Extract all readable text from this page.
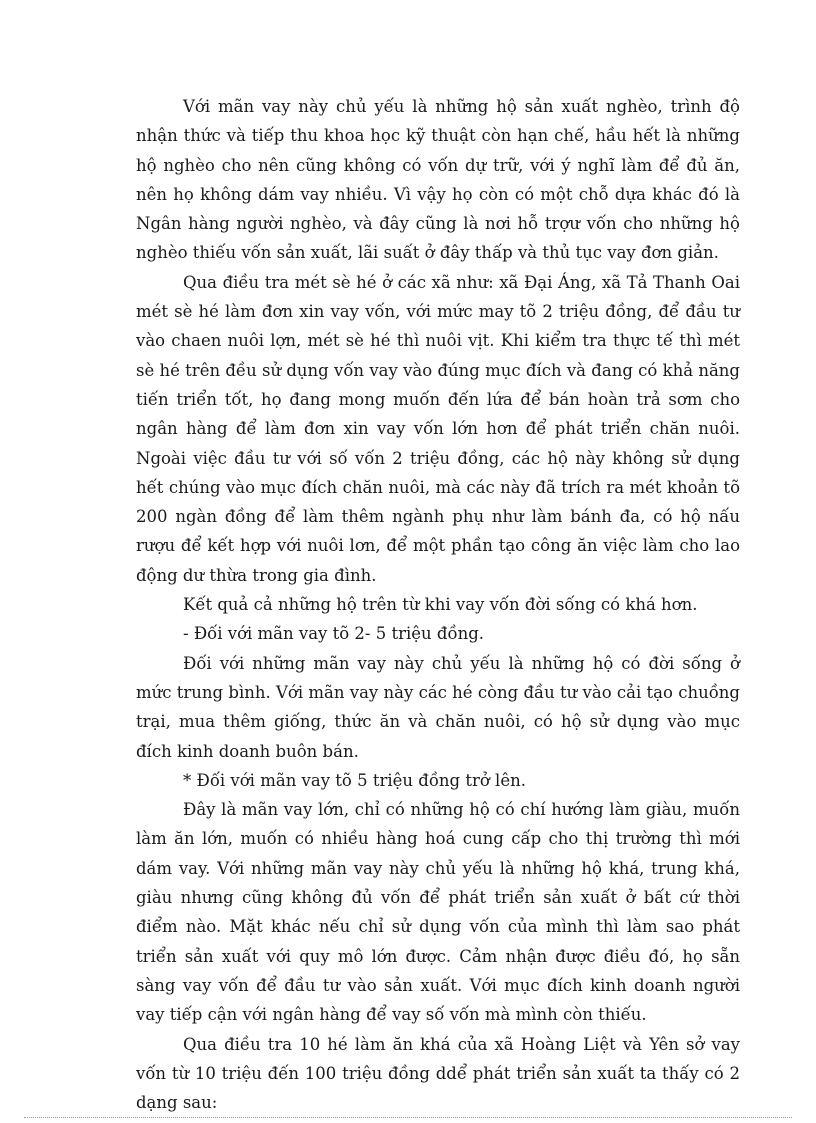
Với mãn vay này chủ yếu là những hộ sản xuất nghèo, trình độ nhận thức và tiếp thu khoa học kỹ thuật còn hạn chế, hầu hết là những hộ nghèo cho nên cũng không có vốn dự trữ, với ý nghĩ làm để đủ ăn, nên họ không dám vay nhiều. Vì vậy họ còn có một chỗ dựa khác đó là Ngân hàng người nghèo, và đây cũng là nơi hỗ trợư vốn cho những hộ nghèo thiếu vốn sản xuất, lãi suất ở đây thấp và thủ tục vay đơn giản.

Qua điều tra mét sè hé ở các xã như: xã Đại Áng, xã Tả Thanh Oai mét sè hé làm đơn xin vay vốn, với mức may tõ 2 triệu đồng, để đầu tư vào chaen nuôi lợn, mét sè hé thì nuôi vịt. Khi kiểm tra thực tế thì mét sè hé trên đều sử dụng vốn vay vào đúng mục đích và đang có khả năng tiến triển tốt, họ đang mong muốn đến lứa để bán hoàn trả sơm cho ngân hàng để làm đơn xin vay vốn lớn hơn để phát triển chăn nuôi. Ngoài việc đầu tư với số vốn 2 triệu đồng, các hộ này không sử dụng hết chúng vào mục đích chăn nuôi, mà các này đã trích ra mét khoản tõ 200 ngàn đồng để làm thêm ngành phụ như làm bánh đa, có hộ nấu rượu để kết hợp với nuôi lơn, để một phần tạo công ăn việc làm cho lao động dư thừa trong gia đình.

Kết quả cả những hộ trên từ khi vay vốn đời sống có khá hơn.

- Đối với mãn vay tõ 2- 5 triệu đồng.

Đối với những mãn vay này chủ yếu là những hộ có đời sống ở mức trung bình. Với mãn vay này các hé còng đầu tư vào cải tạo chuồng trại, mua thêm giống, thức ăn và chăn nuôi, có hộ sử dụng vào mục đích kinh doanh buôn bán.

* Đối với mãn vay tõ 5 triệu đồng trở lên.

Đây là mãn vay lớn, chỉ có những hộ có chí hướng làm giàu, muốn làm ăn lớn, muốn có nhiều hàng hoá cung cấp cho thị trường thì mới dám vay. Với những mãn vay này chủ yếu là những hộ khá, trung khá, giàu nhưng cũng không đủ vốn để phát triển sản xuất ở bất cứ thời điểm nào. Mặt khác nếu chỉ sử dụng vốn của mình thì làm sao phát triển sản xuất với quy mô lớn được. Cảm nhận được điều đó, họ sẵn sàng vay vốn để đầu tư vào sản xuất. Với mục đích kinh doanh người vay tiếp cận với ngân hàng để vay số vốn mà mình còn thiếu.

Qua điều tra 10 hé làm ăn khá của xã Hoàng Liệt và Yên sở vay vốn từ 10 triệu đến 100 triệu đồng ddể phát triển sản xuất ta thấy có 2 dạng sau:
